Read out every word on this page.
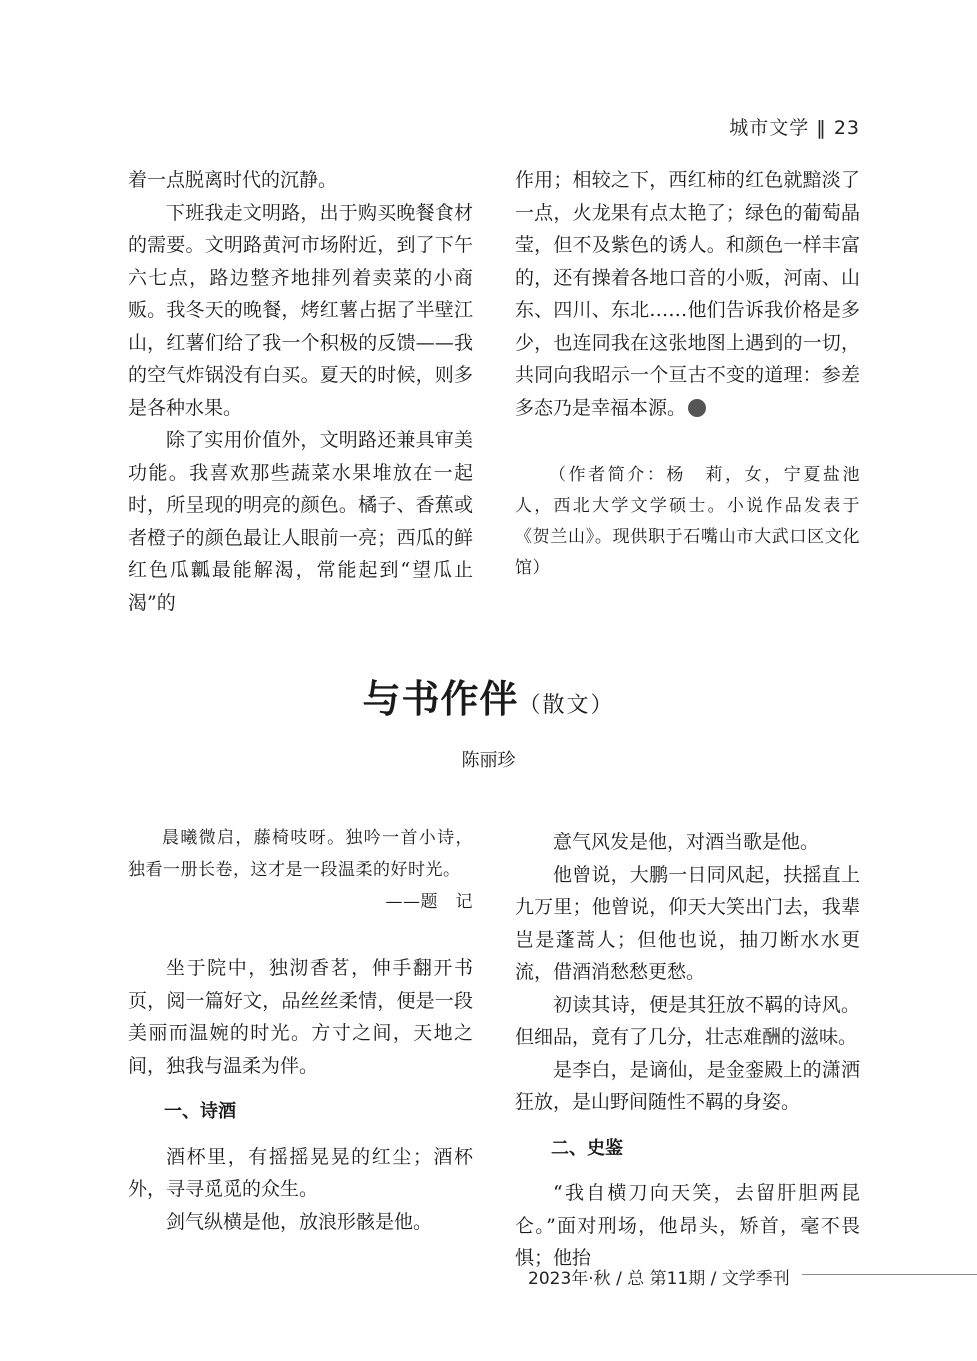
城市文学 ‖ 23

着一点脱离时代的沉静。

下班我走文明路，出于购买晚餐食材的需要。文明路黄河市场附近，到了下午六七点，路边整齐地排列着卖菜的小商贩。我冬天的晚餐，烤红薯占据了半壁江山，红薯们给了我一个积极的反馈——我的空气炸锅没有白买。夏天的时候，则多是各种水果。

除了实用价值外，文明路还兼具审美功能。我喜欢那些蔬菜水果堆放在一起时，所呈现的明亮的颜色。橘子、香蕉或者橙子的颜色最让人眼前一亮；西瓜的鲜红色瓜瓤最能解渴，常能起到“望瓜止渴”的

作用；相较之下，西红柿的红色就黯淡了一点，火龙果有点太艳了；绿色的葡萄晶莹，但不及紫色的诱人。和颜色一样丰富的，还有操着各地口音的小贩，河南、山东、四川、东北……他们告诉我价格是多少，也连同我在这张地图上遇到的一切，共同向我昭示一个亘古不变的道理：参差多态乃是幸福本源。

（作者简介：杨　莉，女，宁夏盐池人，西北大学文学硕士。小说作品发表于《贺兰山》。现供职于石嘴山市大武口区文化馆）

与书作伴（散文）
陈丽珍

晨曦微启，藤椅吱呀。独吟一首小诗，独看一册长卷，这才是一段温柔的好时光。

——题　记

坐于院中，独沏香茗，伸手翻开书页，阅一篇好文，品丝丝柔情，便是一段美丽而温婉的时光。方寸之间，天地之间，独我与温柔为伴。

一、诗酒

酒杯里，有摇摇晃晃的红尘；酒杯外，寻寻觅觅的众生。

剑气纵横是他，放浪形骸是他。

意气风发是他，对酒当歌是他。

他曾说，大鹏一日同风起，扶摇直上九万里；他曾说，仰天大笑出门去，我辈岂是蓬蒿人；但他也说，抽刀断水水更流，借酒消愁愁更愁。

初读其诗，便是其狂放不羁的诗风。但细品，竟有了几分，壮志难酬的滋味。

是李白，是谪仙，是金銮殿上的潇洒狂放，是山野间随性不羁的身姿。

二、史鉴

“我自横刀向天笑，去留肝胆两昆仑。”面对刑场，他昂头，矫首，毫不畏惧；他抬

2023年·秋 / 总 第11期 / 文学季刊
